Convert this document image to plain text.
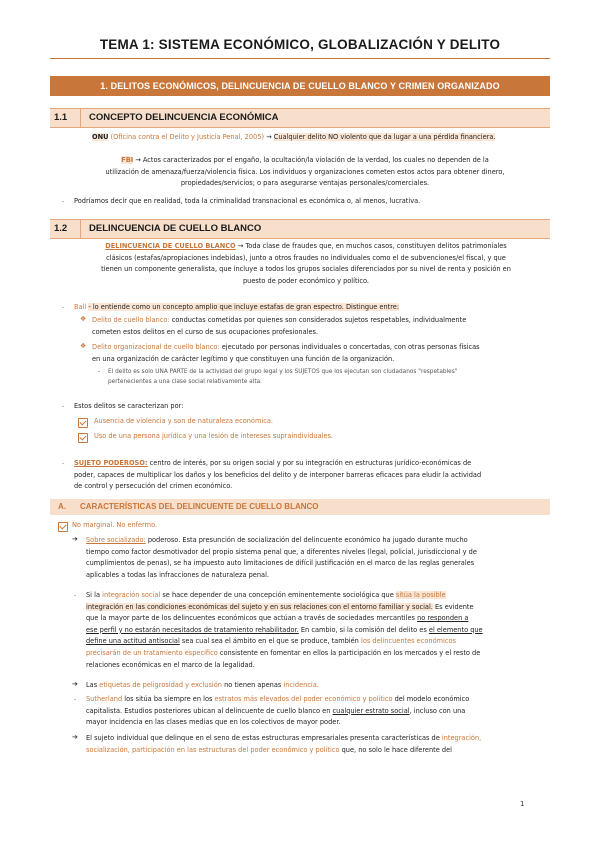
TEMA 1: SISTEMA ECONÓMICO, GLOBALIZACIÓN Y DELITO
1. DELITOS ECONÓMICOS, DELINCUENCIA DE CUELLO BLANCO Y CRIMEN ORGANIZADO
1.1 CONCEPTO DELINCUENCIA ECONÓMICA
ONU (Oficina contra el Delito y Justicia Penal, 2005) → Cualquier delito NO violento que da lugar a una pérdida financiera.
FBI → Actos caracterizados por el engaño, la ocultación/la violación de la verdad, los cuales no dependen de la
utilización de amenaza/fuerza/violencia física. Los individuos y organizaciones cometen estos actos para obtener dinero,
propiedades/servicios; o para asegurarse ventajas personales/comerciales.
. Podríamos decir que en realidad, toda la criminalidad transnacional es económica o, al menos, lucrativa.
1.2 DELINCUENCIA DE CUELLO BLANCO
DELINCUENCIA DE CUELLO BLANCO → Toda clase de fraudes que, en muchos casos, constituyen delitos patrimoniales
clásicos (estafas/apropiaciones indebidas), junto a otros fraudes no individuales como el de subvenciones/el fiscal, y que
tienen un componente generalista, que incluye a todos los grupos sociales diferenciados por su nivel de renta y posición en
puesto de poder económico y político.
. Ball - lo entiende como un concepto amplio que incluye estafas de gran espectro. Distingue entre:
❖ Delito de cuello blanco: conductas cometidas por quienes son considerados sujetos respetables, individualmente
cometen estos delitos en el curso de sus ocupaciones profesionales.
❖ Delito organizacional de cuello blanco: ejecutado por personas individuales o concertadas, con otras personas físicas
en una organización de carácter legítimo y que constituyen una función de la organización.
- El delito es solo UNA PARTE de la actividad del grupo legal y los SUJETOS que los ejecutan son ciudadanos "respetables"
pertenecientes a una clase social relativamente alta.
. Estos delitos se caracterizan por:
Ausencia de violencia y son de naturaleza económica.
Uso de una persona jurídica y una lesión de intereses supraindividuales.
. SUJETO PODEROSO: centro de interés, por su origen social y por su integración en estructuras jurídico-económicas de
poder, capaces de multiplicar los daños y los beneficios del delito y de interponer barreras eficaces para eludir la actividad
de control y persecución del crimen económico.
A. CARACTERÍSTICAS DEL DELINCUENTE DE CUELLO BLANCO
No marginal. No enfermo.
➔ Sobre socializado: poderoso. Esta presunción de socialización del delincuente económico ha jugado durante mucho
tiempo como factor desmotivador del propio sistema penal que, a diferentes niveles (legal, policial, jurisdiccional y de
cumplimientos de penas), se ha impuesto auto limitaciones de difícil justificación en el marco de las reglas generales
aplicables a todas las infracciones de naturaleza penal.
. Si la integración social se hace depender de una concepción eminentemente sociológica que sitúa la posible
integración en las condiciones económicas del sujeto y en sus relaciones con el entorno familiar y social. Es evidente
que la mayor parte de los delincuentes económicos que actúan a través de sociedades mercantiles no responden a
ese perfil y no estarán necesitados de tratamiento rehabilitador. En cambio, si la comisión del delito es el elemento que
define una actitud antisocial sea cual sea el ámbito en el que se produce, también los delincuentes económicos
precisarán de un tratamiento específico consistente en fomentar en ellos la participación en los mercados y el resto de
relaciones económicas en el marco de la legalidad.
➔ Las etiquetas de peligrosidad y exclusión no tienen apenas incidencia.
. Sutherland los sitúa ba siempre en los estratos más elevados del poder económico y político del modelo económico
capitalista. Estudios posteriores ubican al delincuente de cuello blanco en cualquier estrato social, incluso con una
mayor incidencia en las clases medias que en los colectivos de mayor poder.
➔ El sujeto individual que delinque en el seno de estas estructuras empresariales presenta características de integración,
socialización, participación en las estructuras del poder económico y político que, no solo le hace diferente del
1
